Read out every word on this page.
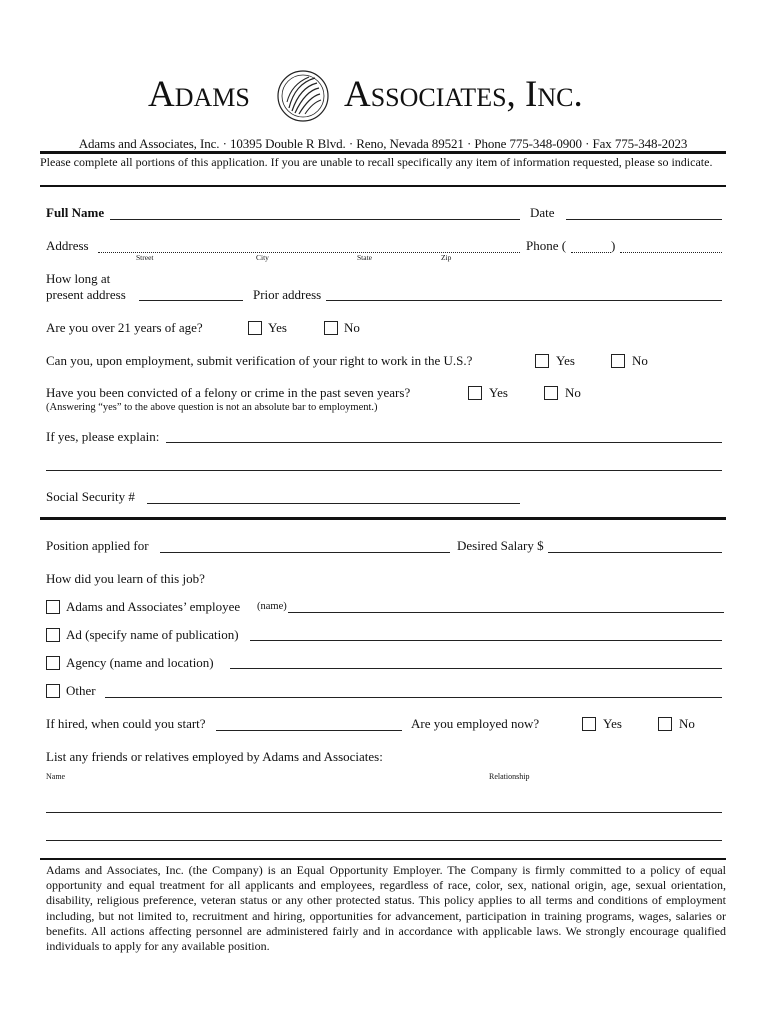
Adams	Associates, Inc.
Adams and Associates, Inc. · 10395 Double R Blvd. · Reno, Nevada 89521 · Phone 775-348-0900 · Fax 775-348-2023
Please complete all portions of this application. If you are unable to recall specifically any item of information requested, please so indicate.
Full Name	Date
Address
Street	City	State	Zip
Phone (	)
How long at
present address	Prior address
Are you over 21 years of age?	Yes	No
Can you, upon employment, submit verification of your right to work in the U.S.?	Yes	No
Have you been convicted of a felony or crime in the past seven years?	Yes	No
(Answering “yes” to the above question is not an absolute bar to employment.)
If yes, please explain:
Social Security #
Position applied for	Desired Salary $
How did you learn of this job?
Adams and Associates’ employee (name)
Ad (specify name of publication)
Agency (name and location)
Other
If hired, when could you start?	Are you employed now?	Yes	No
List any friends or relatives employed by Adams and Associates:
Name	Relationship
Adams and Associates, Inc. (the Company) is an Equal Opportunity Employer. The Company is firmly committed to a policy of equal opportunity and equal treatment for all applicants and employees, regardless of race, color, sex, national origin, age, sexual orientation, disability, religious preference, veteran status or any other protected status. This policy applies to all terms and conditions of employment including, but not limited to, recruitment and hiring, opportunities for advancement, participation in training programs, wages, salaries or benefits. All actions affecting personnel are administered fairly and in accordance with applicable laws. We strongly encourage qualified individuals to apply for any available position.
